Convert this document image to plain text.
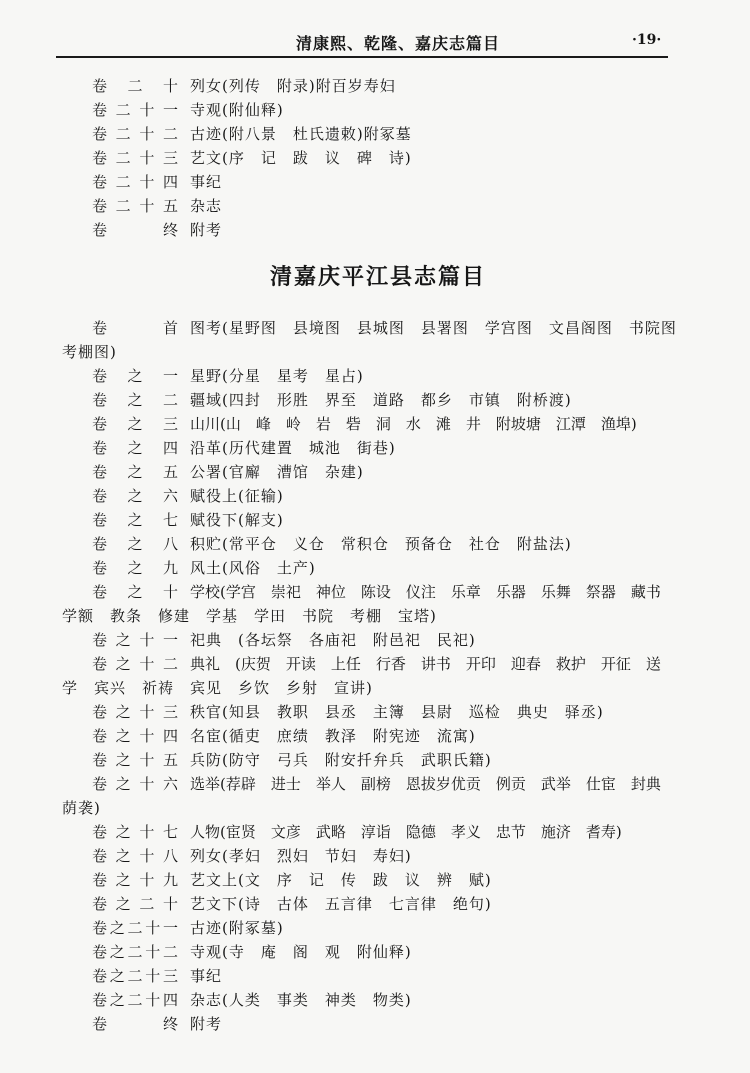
清康熙、乾隆、嘉庆志篇目	·19·
卷 二 十 列女(列传　附录)附百岁寿妇
卷二十一 寺观(附仙释)
卷二十二 古迹(附八景　杜氏遗敕)附冢墓
卷二十三 艺文(序　记　跋　议　碑　诗)
卷二十四 事纪
卷二十五 杂志
卷　　终 附考
清嘉庆平江县志篇目
卷　　首 图考(星野图　县境图　县城图　县署图　学宫图　文昌阁图　书院图
考棚图)
卷 之 一 星野(分星　星考　星占)
卷 之 二 疆域(四封　形胜　界至　道路　都乡　市镇　附桥渡)
卷 之 三 山川(山　峰　岭　岩　砦　洞　水　滩　井　附坡塘　江潭　渔埠)
卷 之 四 沿革(历代建置　城池　街巷)
卷 之 五 公署(官廨　漕馆　杂建)
卷 之 六 赋役上(征输)
卷 之 七 赋役下(解支)
卷 之 八 积贮(常平仓　义仓　常积仓　预备仓　社仓　附盐法)
卷 之 九 风土(风俗　土产)
卷 之 十 学校(学宫　崇祀　神位　陈设　仪注　乐章　乐器　乐舞　祭器　藏书
学额　教条　修建　学基　学田　书院　考棚　宝塔)
卷之十一 祀典　(各坛祭　各庙祀　附邑祀　民祀)
卷之十二 典礼　(庆贺　开读　上任　行香　讲书　开印　迎春　救护　开征　送
学　宾兴　祈祷　宾见　乡饮　乡射　宣讲)
卷之十三 秩官(知县　教职　县丞　主簿　县尉　巡检　典史　驿丞)
卷之十四 名宦(循吏　庶绩　教泽　附宪迹　流寓)
卷之十五 兵防(防守　弓兵　附安扦弁兵　武职氏籍)
卷之十六 选举(荐辟　进士　举人　副榜　恩拔岁优贡　例贡　武举　仕宦　封典
荫袭)
卷之十七 人物(宦贤　文彦　武略　淳诣　隐德　孝义　忠节　施济　耆寿)
卷之十八 列女(孝妇　烈妇　节妇　寿妇)
卷之十九 艺文上(文　序　记　传　跋　议　辨　赋)
卷之二十 艺文下(诗　古体　五言律　七言律　绝句)
卷之二十一 古迹(附冢墓)
卷之二十二 寺观(寺　庵　阁　观　附仙释)
卷之二十三 事纪
卷之二十四 杂志(人类　事类　神类　物类)
卷　　终 附考
